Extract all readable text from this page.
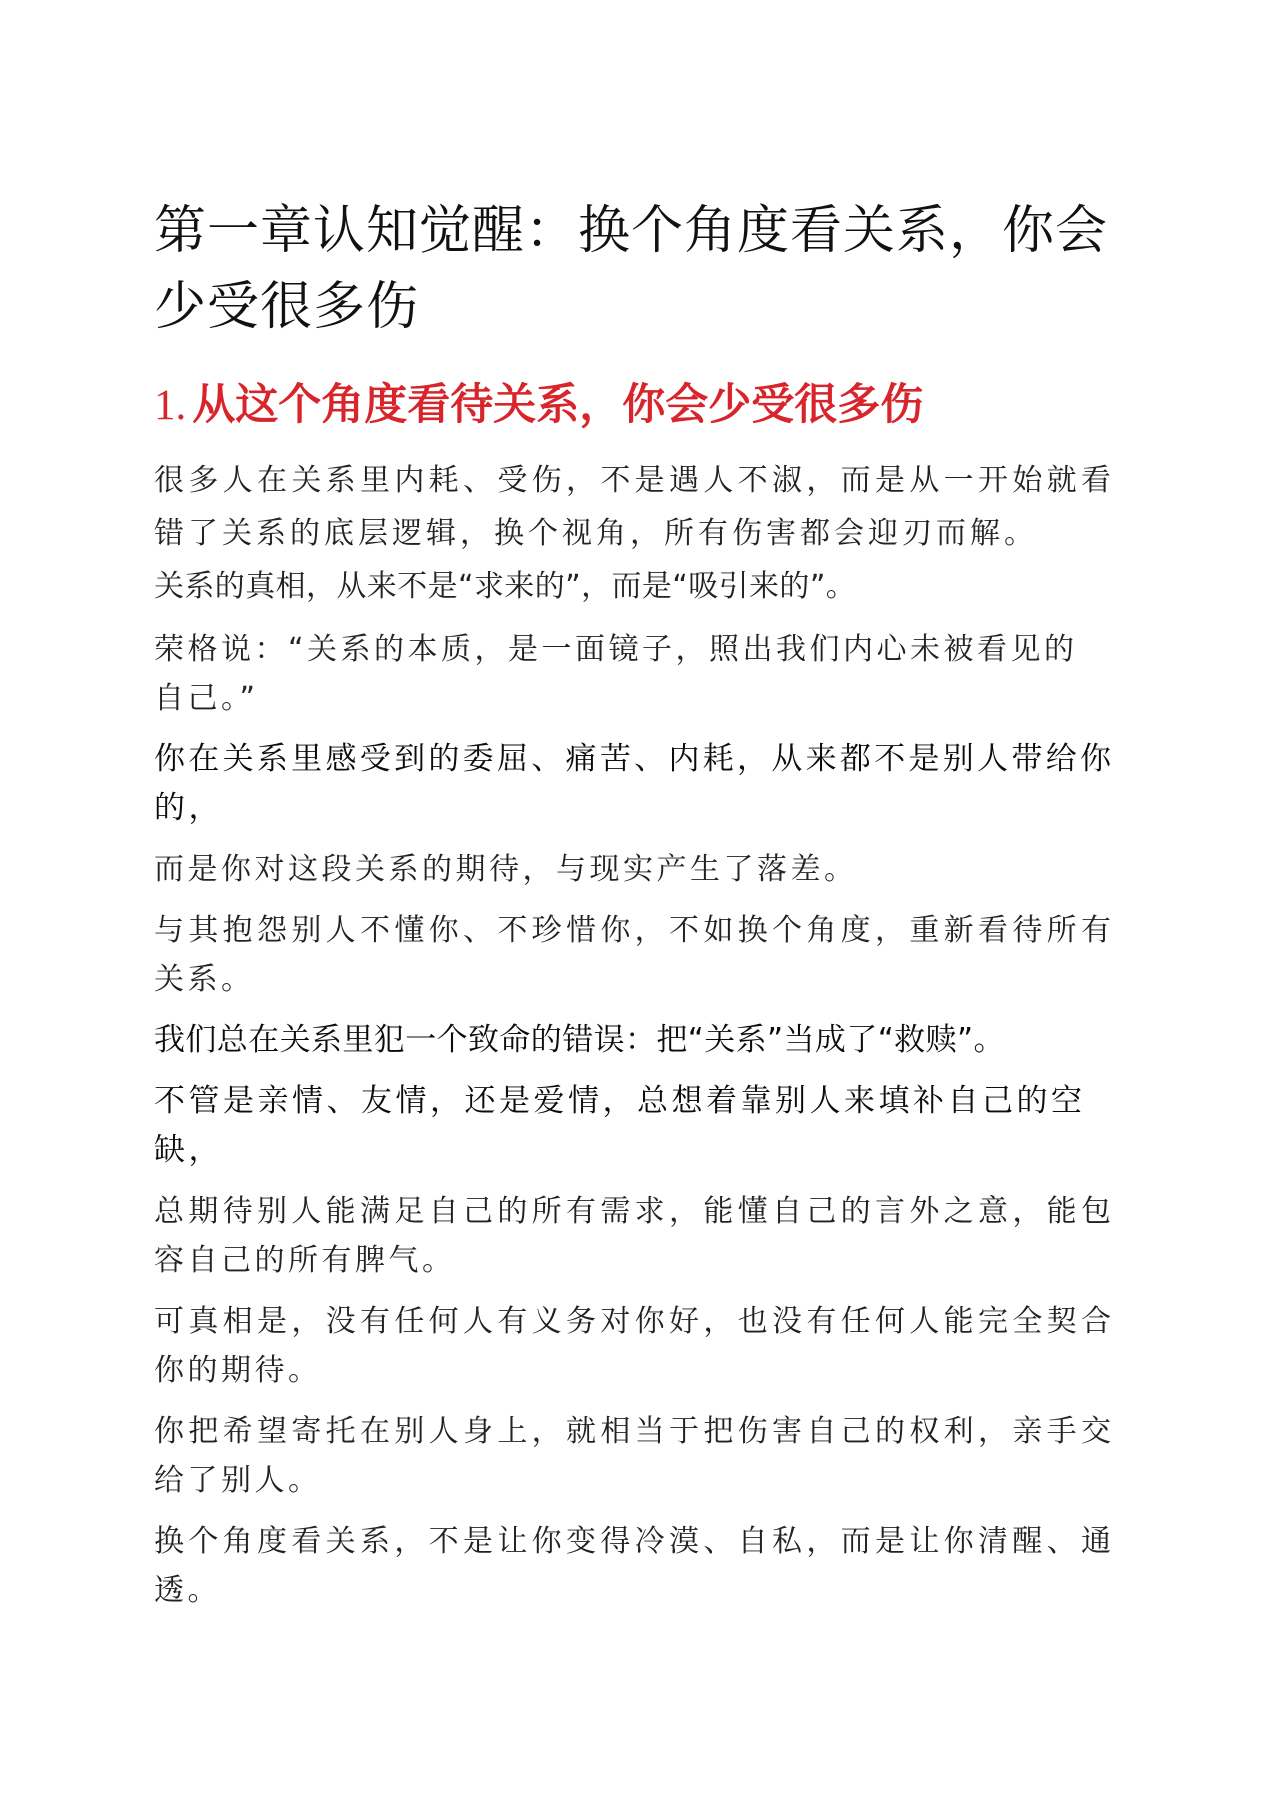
第一章认知觉醒：换个角度看关系，你会
少受很多伤
1. 从这个角度看待关系，你会少受很多伤

很多人在关系里内耗、受伤，不是遇人不淑，而是从一开始就看
错了关系的底层逻辑，换个视角，所有伤害都会迎刃而解。

关系的真相，从来不是“求来的”，而是“吸引来的”。

荣格说：“关系的本质，是一面镜子，照出我们内心未被看见的
自己。”

你在关系里感受到的委屈、痛苦、内耗，从来都不是别人带给你
的，

而是你对这段关系的期待，与现实产生了落差。

与其抱怨别人不懂你、不珍惜你，不如换个角度，重新看待所有
关系。

我们总在关系里犯一个致命的错误：把“关系”当成了“救赎”。

不管是亲情、友情，还是爱情，总想着靠别人来填补自己的空
缺，

总期待别人能满足自己的所有需求，能懂自己的言外之意，能包
容自己的所有脾气。

可真相是，没有任何人有义务对你好，也没有任何人能完全契合
你的期待。

你把希望寄托在别人身上，就相当于把伤害自己的权利，亲手交
给了别人。

换个角度看关系，不是让你变得冷漠、自私，而是让你清醒、通
透。
